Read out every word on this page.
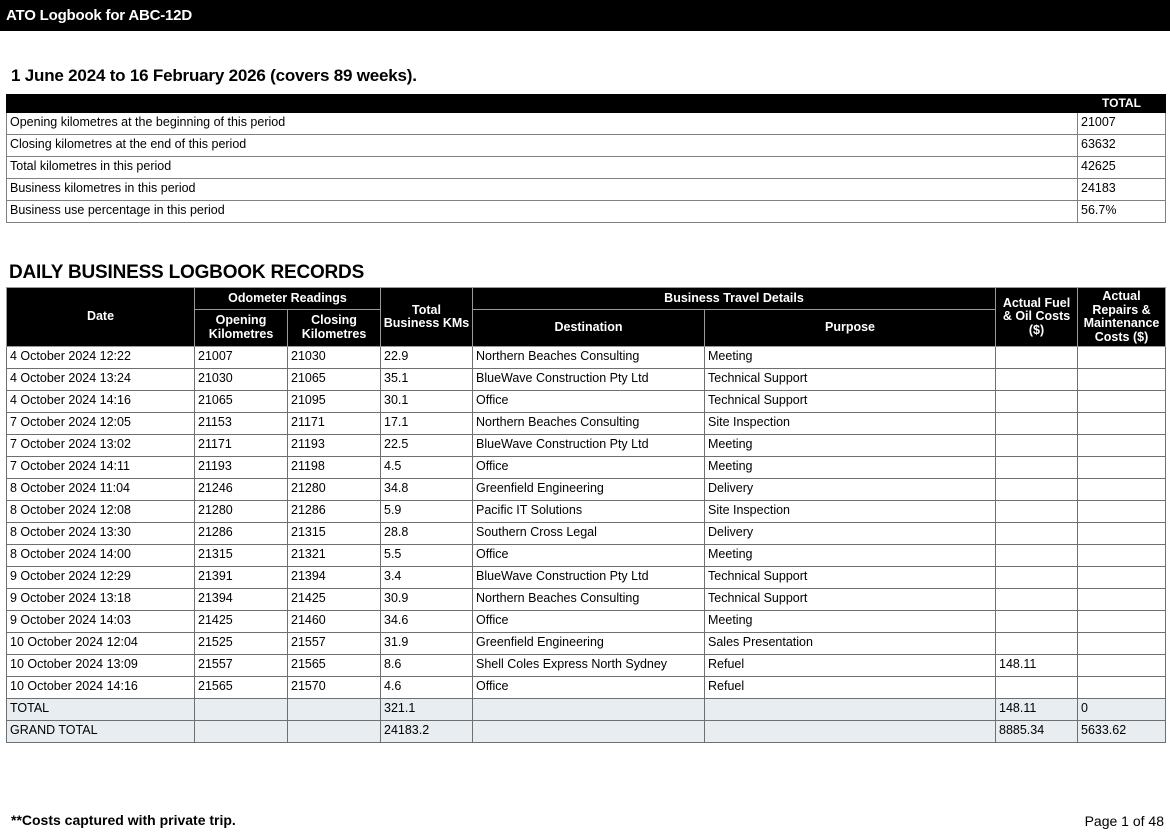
ATO Logbook for ABC-12D
1 June 2024 to 16 February 2026 (covers 89 weeks).
	TOTAL
Opening kilometres at the beginning of this period	21007
Closing kilometres at the end of this period	63632
Total kilometres in this period	42625
Business kilometres in this period	24183
Business use percentage in this period	56.7%
DAILY BUSINESS LOGBOOK RECORDS
Date	Odometer Readings		Total Business KMs	Business Travel Details		Actual Fuel & Oil Costs ($)	Actual Repairs & Maintenance Costs ($)
	Opening Kilometres	Closing Kilometres		Destination	Purpose		
4 October 2024 12:22	21007	21030	22.9	Northern Beaches Consulting	Meeting		
4 October 2024 13:24	21030	21065	35.1	BlueWave Construction Pty Ltd	Technical Support		
4 October 2024 14:16	21065	21095	30.1	Office	Technical Support		
7 October 2024 12:05	21153	21171	17.1	Northern Beaches Consulting	Site Inspection		
7 October 2024 13:02	21171	21193	22.5	BlueWave Construction Pty Ltd	Meeting		
7 October 2024 14:11	21193	21198	4.5	Office	Meeting		
8 October 2024 11:04	21246	21280	34.8	Greenfield Engineering	Delivery		
8 October 2024 12:08	21280	21286	5.9	Pacific IT Solutions	Site Inspection		
8 October 2024 13:30	21286	21315	28.8	Southern Cross Legal	Delivery		
8 October 2024 14:00	21315	21321	5.5	Office	Meeting		
9 October 2024 12:29	21391	21394	3.4	BlueWave Construction Pty Ltd	Technical Support		
9 October 2024 13:18	21394	21425	30.9	Northern Beaches Consulting	Technical Support		
9 October 2024 14:03	21425	21460	34.6	Office	Meeting		
10 October 2024 12:04	21525	21557	31.9	Greenfield Engineering	Sales Presentation		
10 October 2024 13:09	21557	21565	8.6	Shell Coles Express North Sydney	Refuel	148.11	
10 October 2024 14:16	21565	21570	4.6	Office	Refuel		
TOTAL			321.1			148.11	0
GRAND TOTAL			24183.2			8885.34	5633.62
**Costs captured with private trip.	Page 1 of 48
